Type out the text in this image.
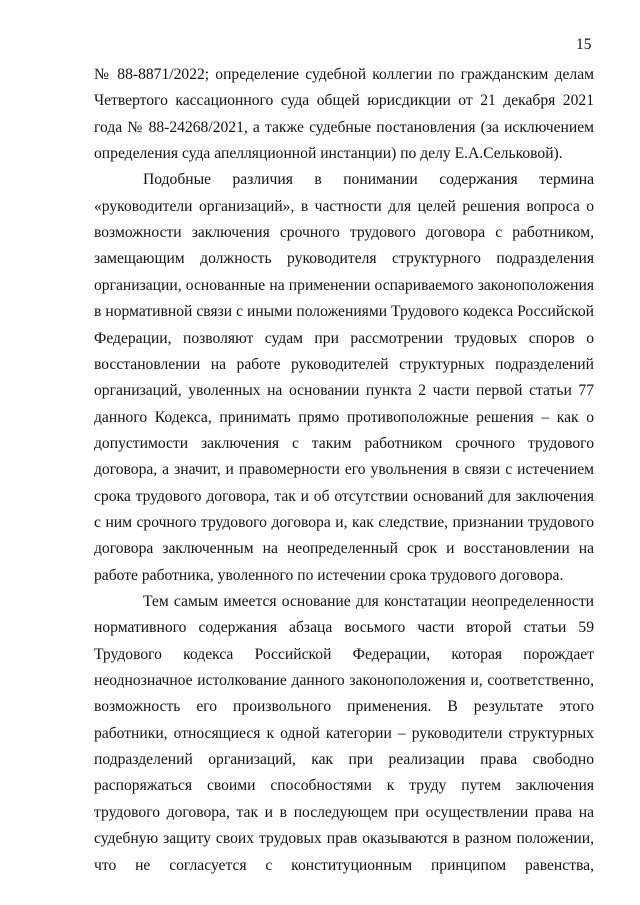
15
№ 88-8871/2022; определение судебной коллегии по гражданским делам
Четвертого кассационного суда общей юрисдикции от 21 декабря 2021
года № 88-24268/2021, а также судебные постановления (за исключением
определения суда апелляционной инстанции) по делу Е.А.Сельковой).
Подобные различия в понимании содержания термина
«руководители организаций», в частности для целей решения вопроса о
возможности заключения срочного трудового договора с работником,
замещающим должность руководителя структурного подразделения
организации, основанные на применении оспариваемого законоположения
в нормативной связи с иными положениями Трудового кодекса Российской
Федерации, позволяют судам при рассмотрении трудовых споров о
восстановлении на работе руководителей структурных подразделений
организаций, уволенных на основании пункта 2 части первой статьи 77
данного Кодекса, принимать прямо противоположные решения – как о
допустимости заключения с таким работником срочного трудового
договора, а значит, и правомерности его увольнения в связи с истечением
срока трудового договора, так и об отсутствии оснований для заключения
с ним срочного трудового договора и, как следствие, признании трудового
договора заключенным на неопределенный срок и восстановлении на
работе работника, уволенного по истечении срока трудового договора.
Тем самым имеется основание для констатации неопределенности
нормативного содержания абзаца восьмого части второй статьи 59
Трудового кодекса Российской Федерации, которая порождает
неоднозначное истолкование данного законоположения и, соответственно,
возможность его произвольного применения. В результате этого
работники, относящиеся к одной категории – руководители структурных
подразделений организаций, как при реализации права свободно
распоряжаться своими способностями к труду путем заключения
трудового договора, так и в последующем при осуществлении права на
судебную защиту своих трудовых прав оказываются в разном положении,
что не согласуется с конституционным принципом равенства,
